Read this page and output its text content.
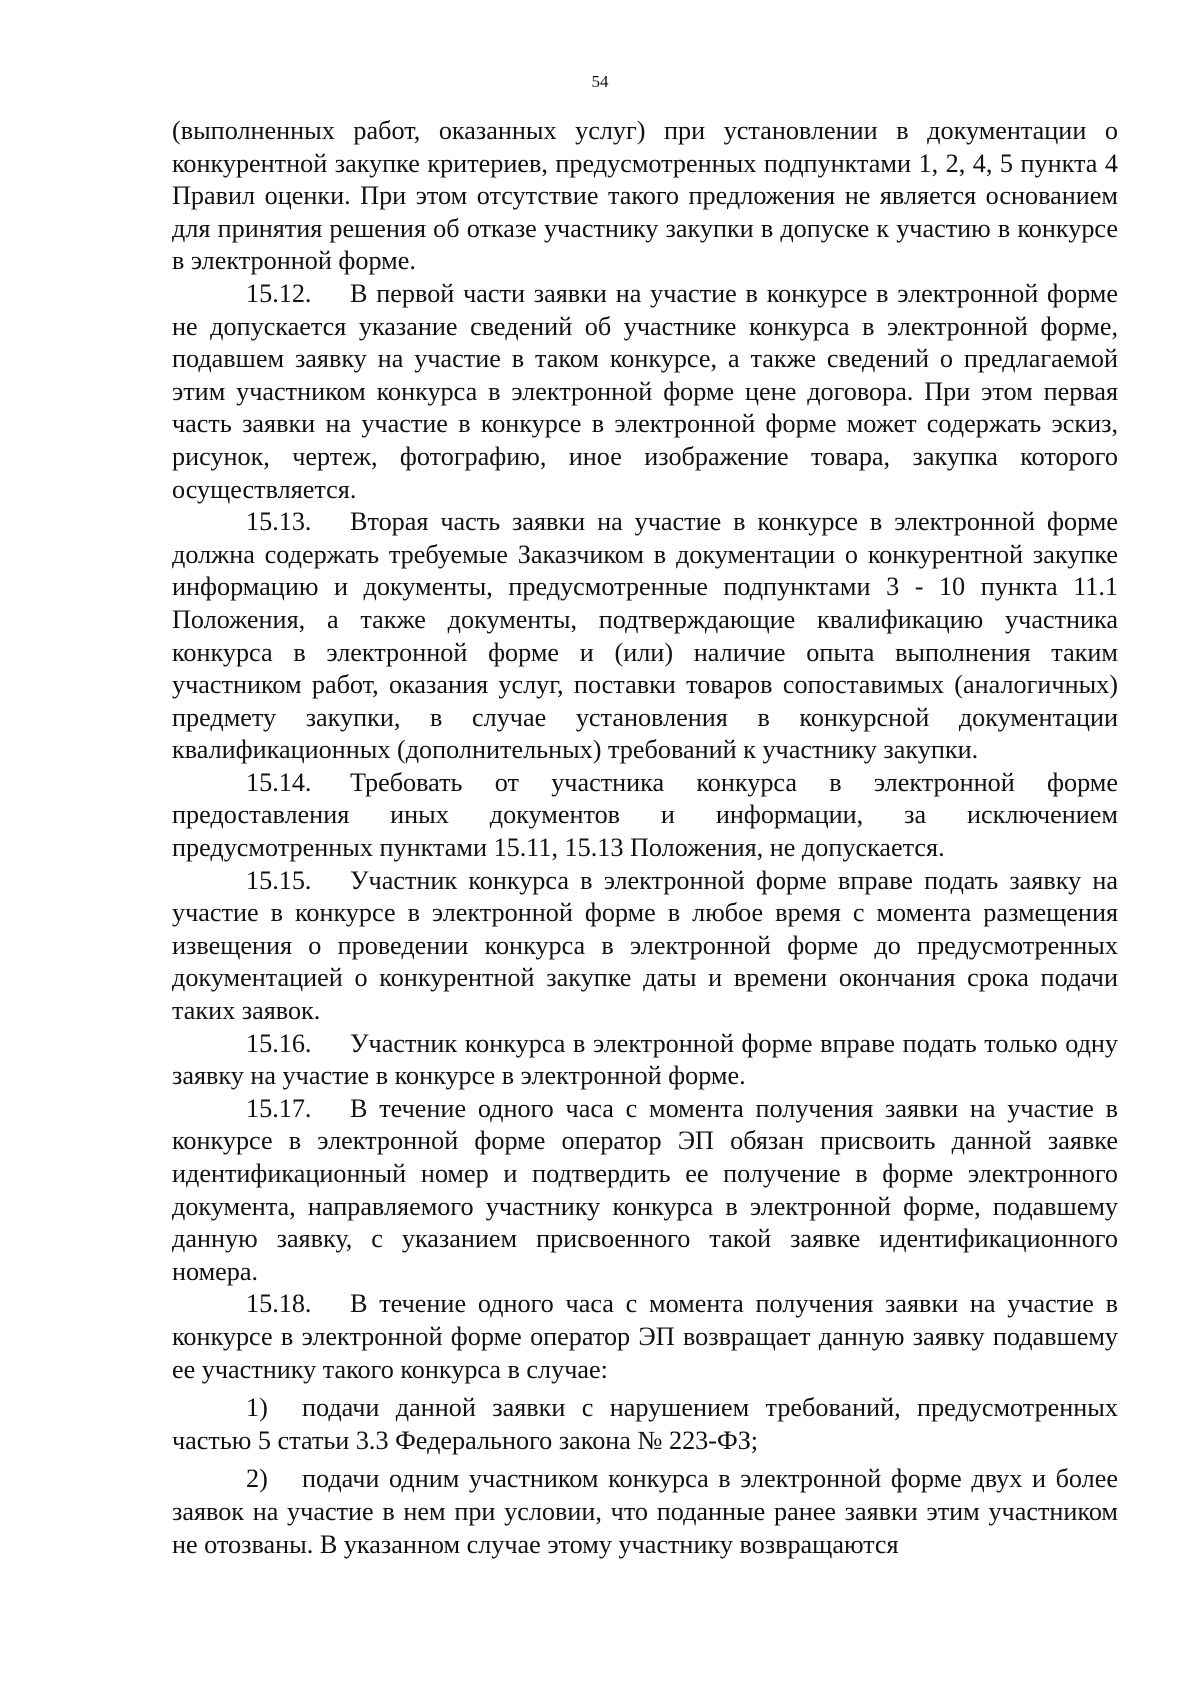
54

(выполненных работ, оказанных услуг) при установлении в документации о конкурентной закупке критериев, предусмотренных подпунктами 1, 2, 4, 5 пункта 4 Правил оценки. При этом отсутствие такого предложения не является основанием для принятия решения об отказе участнику закупки в допуске к участию в конкурсе в электронной форме.

15.12. В первой части заявки на участие в конкурсе в электронной форме не допускается указание сведений об участнике конкурса в электронной форме, подавшем заявку на участие в таком конкурсе, а также сведений о предлагаемой этим участником конкурса в электронной форме цене договора. При этом первая часть заявки на участие в конкурсе в электронной форме может содержать эскиз, рисунок, чертеж, фотографию, иное изображение товара, закупка которого осуществляется.

15.13. Вторая часть заявки на участие в конкурсе в электронной форме должна содержать требуемые Заказчиком в документации о конкурентной закупке информацию и документы, предусмотренные подпунктами 3 - 10 пункта 11.1 Положения, а также документы, подтверждающие квалификацию участника конкурса в электронной форме и (или) наличие опыта выполнения таким участником работ, оказания услуг, поставки товаров сопоставимых (аналогичных) предмету закупки, в случае установления в конкурсной документации квалификационных (дополнительных) требований к участнику закупки.

15.14. Требовать от участника конкурса в электронной форме предоставления иных документов и информации, за исключением предусмотренных пунктами 15.11, 15.13 Положения, не допускается.

15.15. Участник конкурса в электронной форме вправе подать заявку на участие в конкурсе в электронной форме в любое время с момента размещения извещения о проведении конкурса в электронной форме до предусмотренных документацией о конкурентной закупке даты и времени окончания срока подачи таких заявок.

15.16. Участник конкурса в электронной форме вправе подать только одну заявку на участие в конкурсе в электронной форме.

15.17. В течение одного часа с момента получения заявки на участие в конкурсе в электронной форме оператор ЭП обязан присвоить данной заявке идентификационный номер и подтвердить ее получение в форме электронного документа, направляемого участнику конкурса в электронной форме, подавшему данную заявку, с указанием присвоенного такой заявке идентификационного номера.

15.18. В течение одного часа с момента получения заявки на участие в конкурсе в электронной форме оператор ЭП возвращает данную заявку подавшему ее участнику такого конкурса в случае:

1) подачи данной заявки с нарушением требований, предусмотренных частью 5 статьи 3.3 Федерального закона № 223-ФЗ;

2) подачи одним участником конкурса в электронной форме двух и более заявок на участие в нем при условии, что поданные ранее заявки этим участником не отозваны. В указанном случае этому участнику возвращаются
